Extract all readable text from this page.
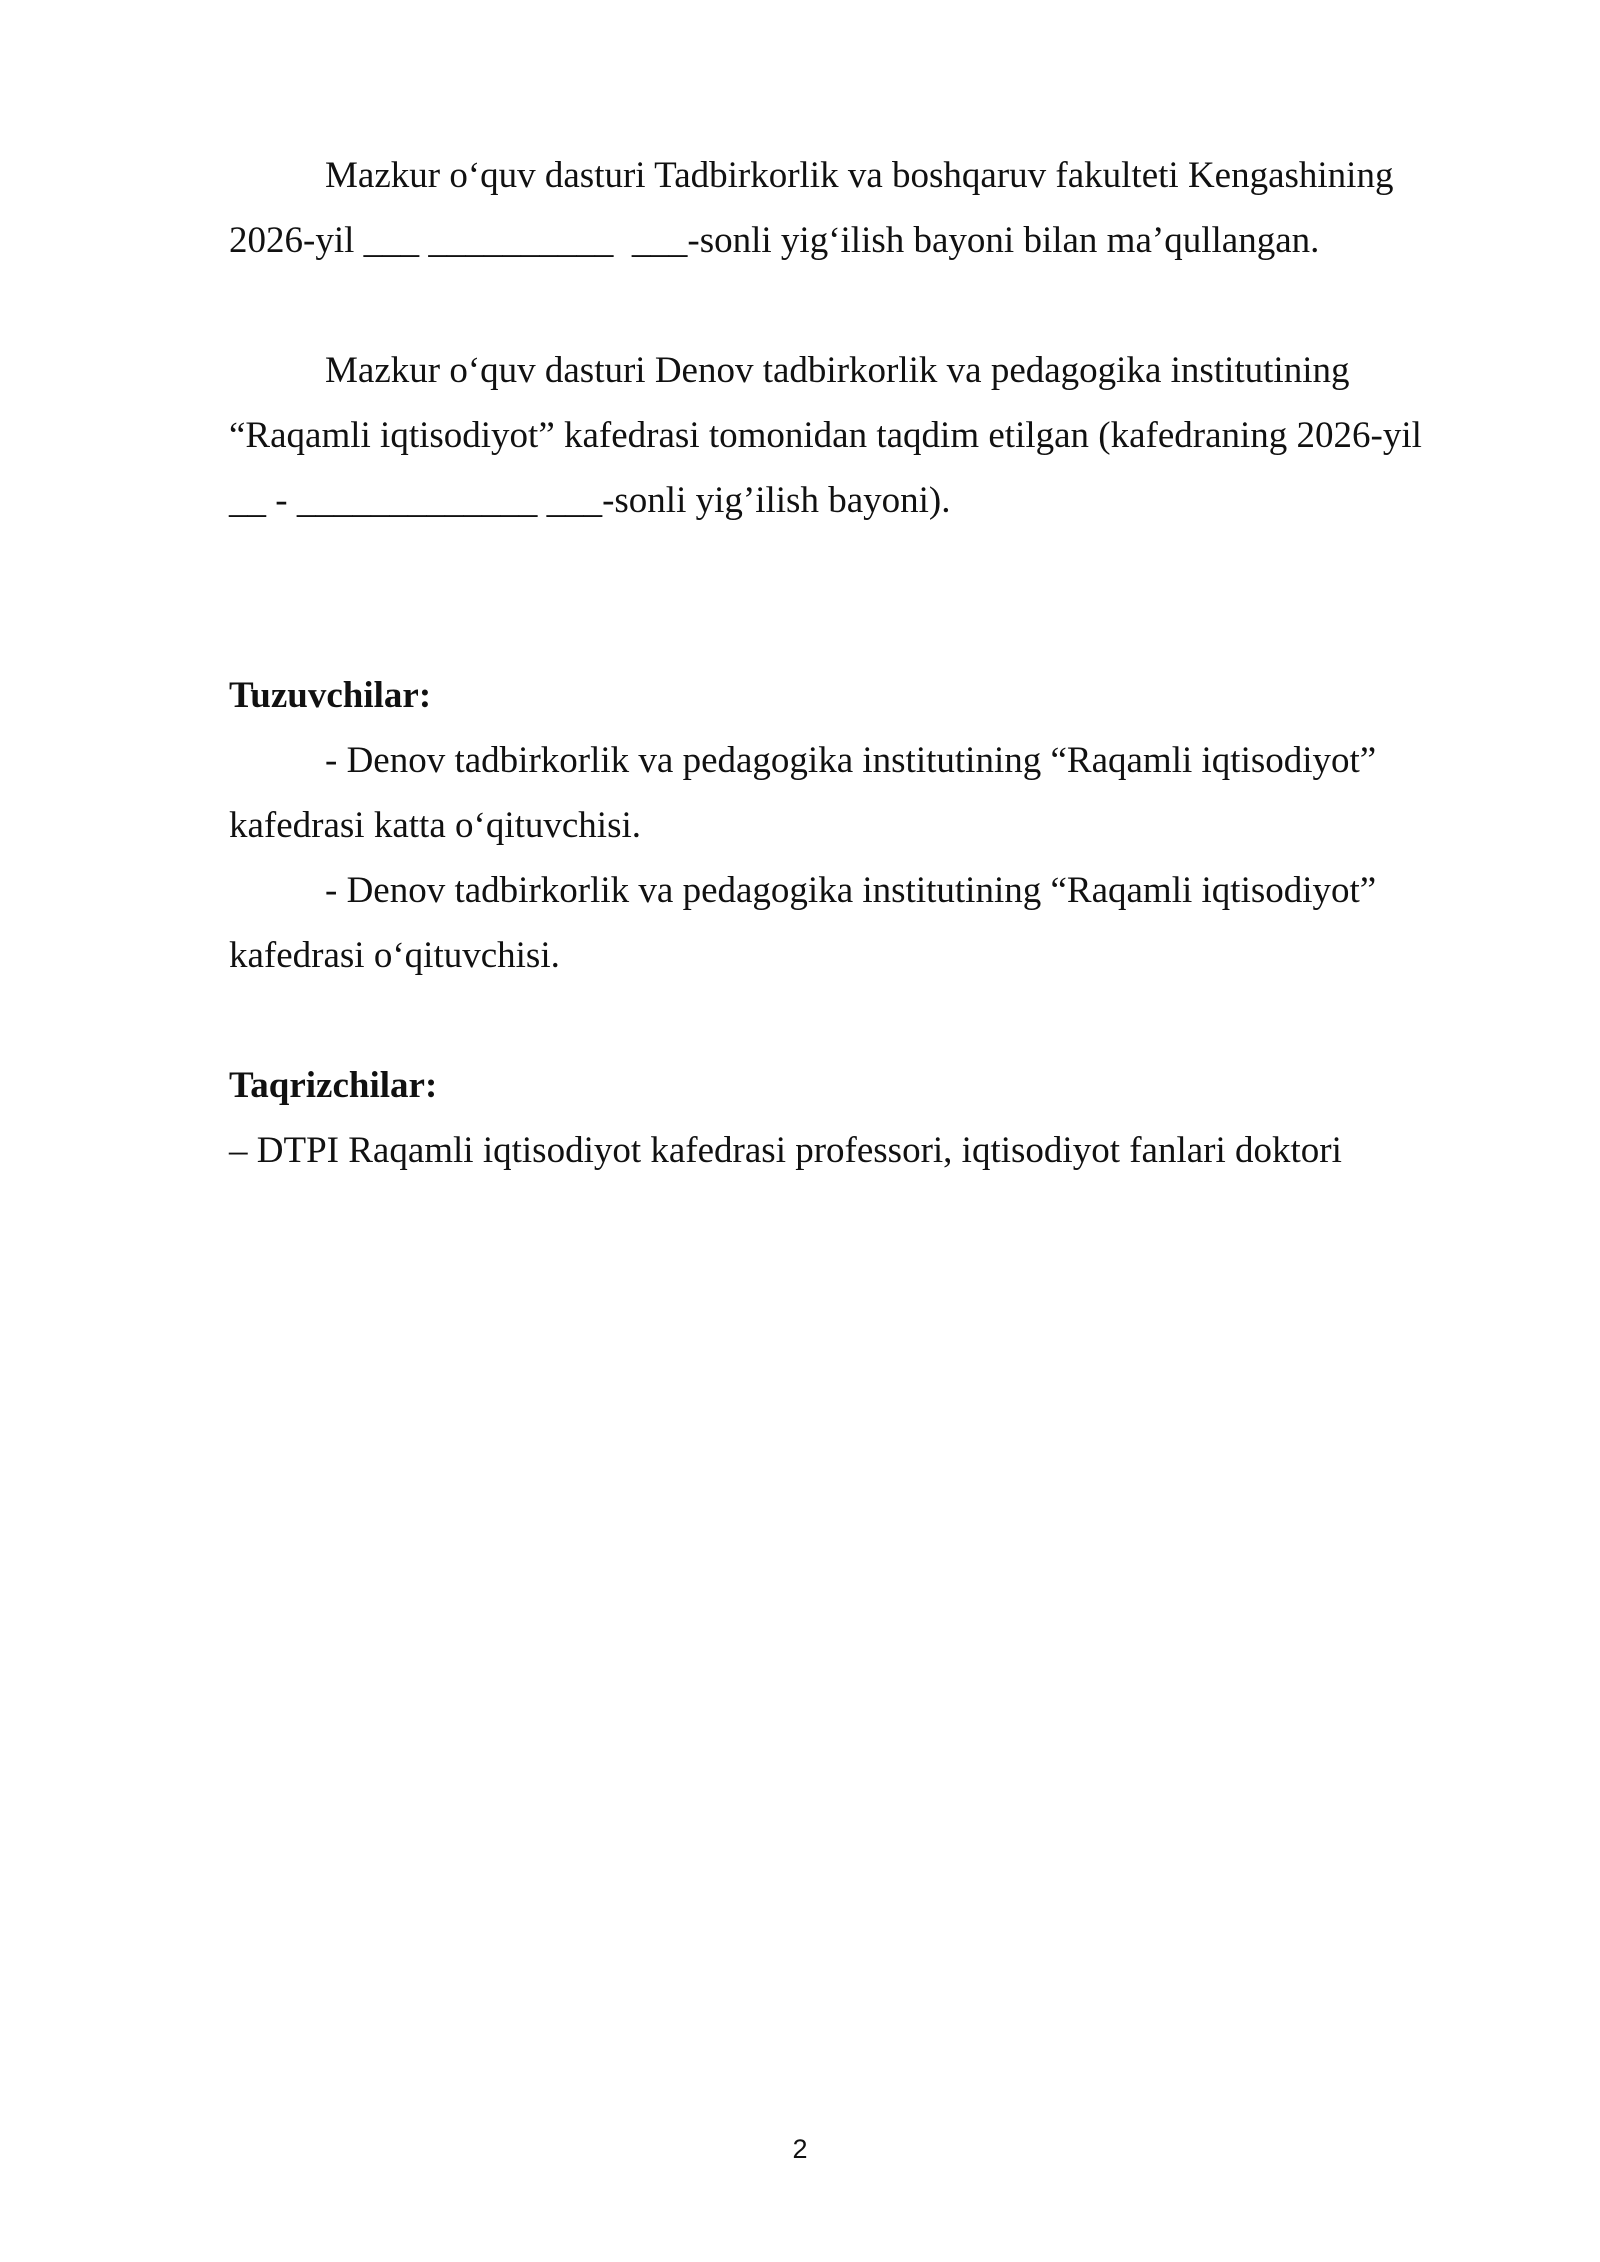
Mazkur o‘quv dasturi Tadbirkorlik va boshqaruv fakulteti Kengashining
2026-yil ___ __________  ___-sonli yig‘ilish bayoni bilan ma’qullangan.

Mazkur o‘quv dasturi Denov tadbirkorlik va pedagogika institutining
“Raqamli iqtisodiyot” kafedrasi tomonidan taqdim etilgan (kafedraning 2026-yil
__ - _____________ ___-sonli yig’ilish bayoni).

Tuzuvchilar:
- Denov tadbirkorlik va pedagogika institutining “Raqamli iqtisodiyot”
kafedrasi katta o‘qituvchisi.
- Denov tadbirkorlik va pedagogika institutining “Raqamli iqtisodiyot”
kafedrasi o‘qituvchisi.
Taqrizchilar:
– DTPI Raqamli iqtisodiyot kafedrasi professori, iqtisodiyot fanlari doktori
2
